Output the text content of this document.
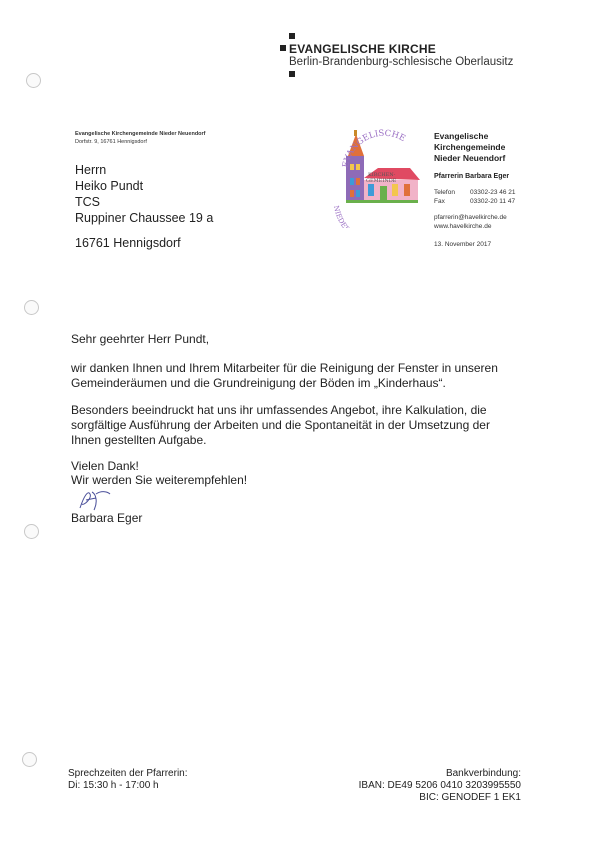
EVANGELISCHE KIRCHE
Berlin-Brandenburg-schlesische Oberlausitz
Evangelische Kirchengemeinde Nieder Neuendorf
Dorfstr. 9, 16761 Hennigsdorf
Herrn
Heiko Pundt
TCS
Ruppiner Chaussee 19 a
16761 Hennigsdorf
EVANGELISCHE
KIRCHEN-
GEMEINDE
NIEDE
Evangelische
Kirchengemeinde
Nieder Neuendorf
Pfarrerin Barbara Eger
Telefon 03302-23 46 21
Fax	03302-20 11 47
pfarrerin@havelkirche.de
www.havelkirche.de
13. November 2017
Sehr geehrter Herr Pundt,
wir danken Ihnen und Ihrem Mitarbeiter für die Reinigung der Fenster in unseren
Gemeinderäumen und die Grundreinigung der Böden im „Kinderhaus“.
Besonders beeindruckt hat uns ihr umfassendes Angebot, ihre Kalkulation, die
sorgfältige Ausführung der Arbeiten und die Spontaneität in der Umsetzung der
Ihnen gestellten Aufgabe.
Vielen Dank!
Wir werden Sie weiterempfehlen!
Barbara Eger
Sprechzeiten der Pfarrerin:
Di: 15:30 h - 17:00 h
Bankverbindung:
IBAN: DE49 5206 0410 3203995550
BIC: GENODEF 1 EK1
